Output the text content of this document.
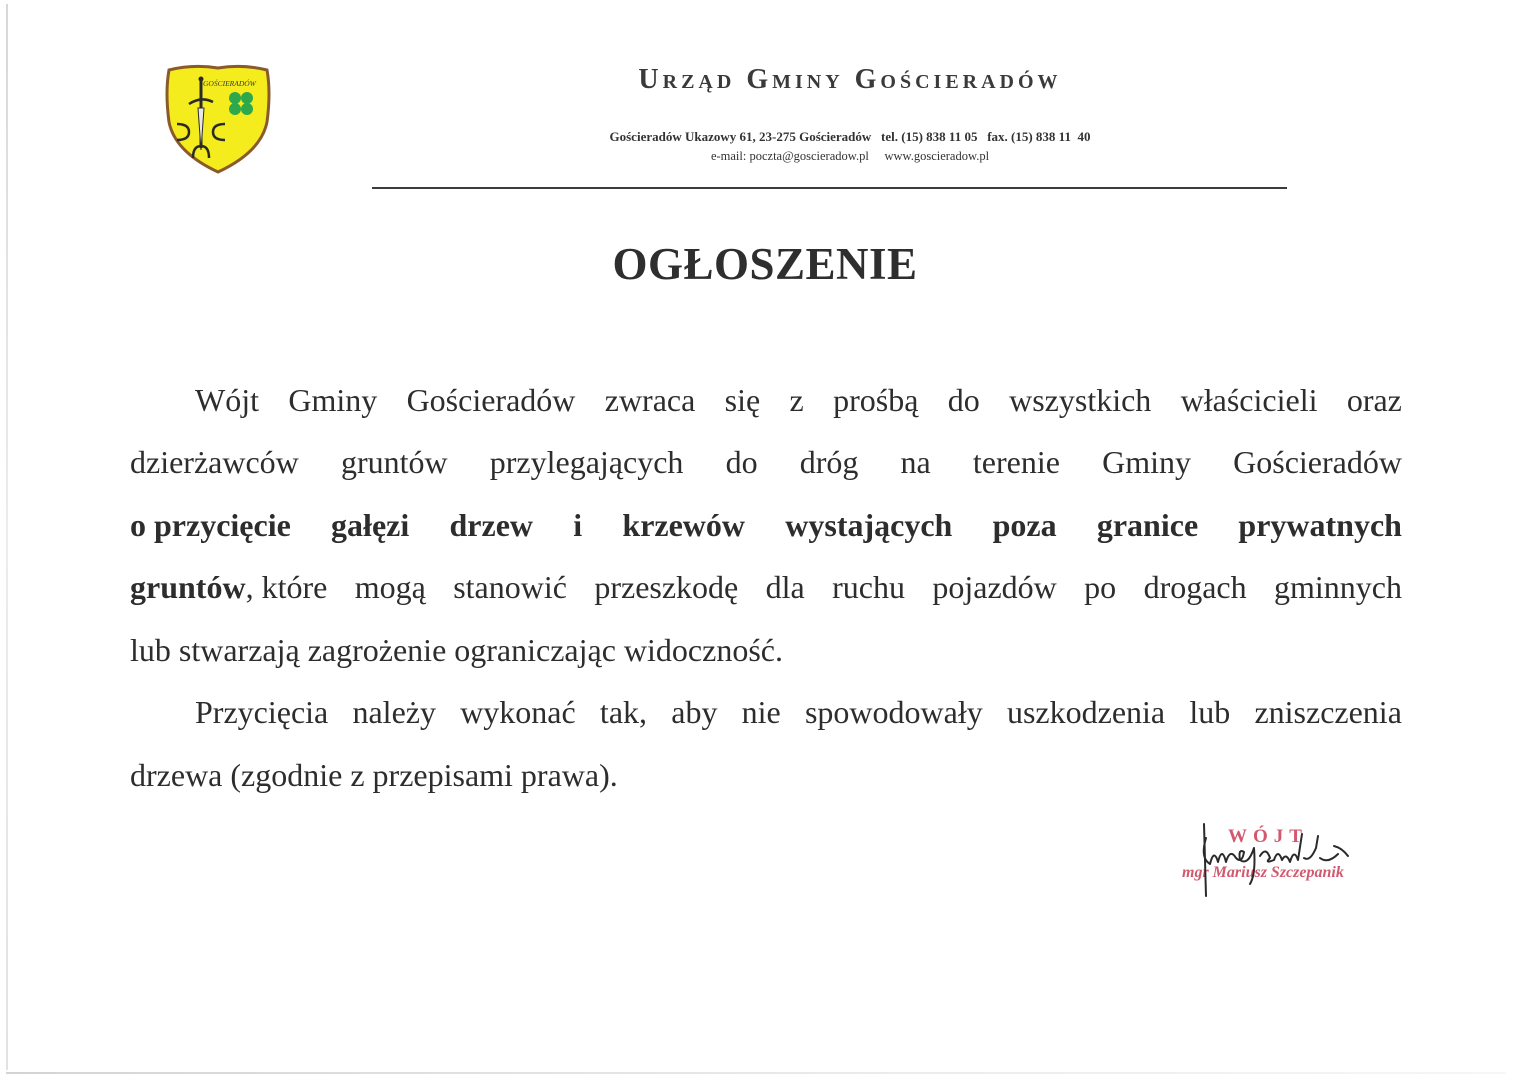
GOŚCIERADÓW	Urząd Gminy Gościeradów
Gościeradów Ukazowy 61, 23-275 Gościeradów   tel. (15) 838 11 05   fax. (15) 838 11  40
e-mail: poczta@goscieradow.pl     www.goscieradow.pl
OGŁOSZENIE
Wójt Gminy Gościeradów zwraca się z prośbą do wszystkich właścicieli oraz
dzierżawców gruntów przylegających do dróg na terenie Gminy Gościeradów
o przycięcie gałęzi drzew i krzewów wystających poza granice prywatnych
gruntów , które mogą stanowić przeszkodę dla ruchu pojazdów po drogach gminnych
lub stwarzają zagrożenie ograniczając widoczność.
Przycięcia należy wykonać tak, aby nie spowodowały uszkodzenia lub zniszczenia
drzewa (zgodnie z przepisami prawa).
WÓJT
mgr Mariusz Szczepanik
